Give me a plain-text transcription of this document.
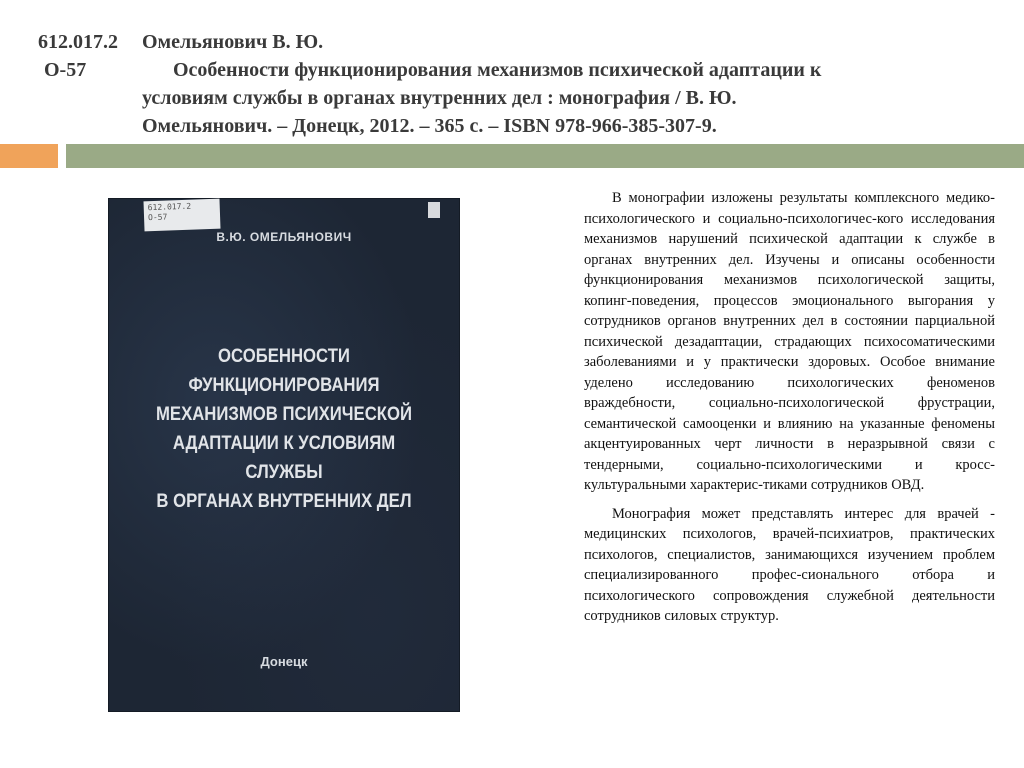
612.017.2 Омельянович В. Ю.
О-57	Особенности функционирования механизмов психической адаптации к
условиям службы в органах внутренних дел : монография / В. Ю.
Омельянович. – Донецк, 2012. – 365 с. – ISBN 978-966-385-307-9.
612.017.2
О-57
В.Ю. ОМЕЛЬЯНОВИЧ
ОСОБЕННОСТИ ФУНКЦИОНИРОВАНИЯ
МЕХАНИЗМОВ ПСИХИЧЕСКОЙ
АДАПТАЦИИ К УСЛОВИЯМ СЛУЖБЫ
В ОРГАНАХ ВНУТРЕННИХ ДЕЛ
Донецк

В монографии изложены результаты комплексного медико-психологического и социально-психологичес-кого исследования механизмов нарушений психической адаптации к службе в органах внутренних дел. Изучены и описаны особенности функционирования механизмов психологической защиты, копинг-поведения, процессов эмоционального выгорания у сотрудников органов внутренних дел в состоянии парциальной психической дезадаптации, страдающих психосоматическими заболеваниями и у практически здоровых. Особое внимание уделено исследованию психологических феноменов враждебности, социально-психологической фрустрации, семантической самооценки и влиянию на указанные феномены акцентуированных черт личности в неразрывной связи с тендерными, социально-психологическими и кросс-культуральными характерис-тиками сотрудников ОВД.

Монография может представлять интерес для врачей - медицинских психологов, врачей-психиатров, практических психологов, специалистов, занимающихся изучением проблем специализированного профес-сионального отбора и психологического сопровождения служебной деятельности сотрудников силовых структур.
